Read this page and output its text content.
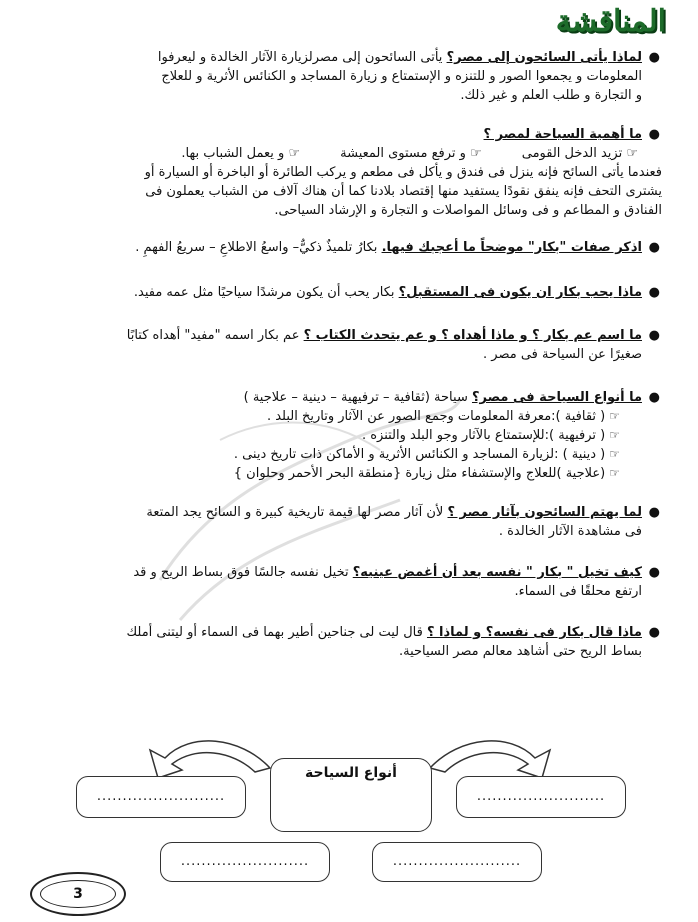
المناقشة
●
لماذا يأتى السائحون إلى مصر؟ يأتى السائحون إلى مصرلزيارة الآثار الخالدة و ليعرفوا
المعلومات و يجمعوا الصور و للتنزه و الإستمتاع و زيارة المساجد و الكنائس الأثرية و للعلاج
و التجارة و طلب العلم و غير ذلك.
●
ما أهمية السياحة لمصر ؟
☞ تزيد الدخل القومى
☞ و ترفع مستوى المعيشة
☞ و يعمل الشباب بها.
فعندما يأتى السائح فإنه ينزل فى فندق و يأكل فى مطعم و يركب الطائرة أو الباخرة أو السيارة أو
يشترى التحف فإنه ينفق نقودًا يستفيد منها إقتصاد بلادنا كما أن هناك آلاف من الشباب يعملون فى
الفنادق و المطاعم و فى وسائل المواصلات و التجارة و الإرشاد السياحى.
●
اذكر صفات "بكار" موضحاً ما أعجبك فيها. بكارُ تلميذٌ ذكيٌّ– واسعُ الاطلاعِ – سريعُ الفهمِ .
●
ماذا يحب بكار ان يكون فى المستقبل؟ بكار يحب أن يكون مرشدًا سياحيًا مثل عمه مفيد.
●
ما اسم عم بكار ؟ و ماذا أهداه ؟ و عم يتحدث الكتاب ؟ عم بكار اسمه "مفيد" أهداه كتابًا
صغيرًا عن السياحة فى مصر .
●
ما أنواع السياحة فى مصر؟ سياحة (ثقافية – ترفيهية – دينية – علاجية )
☞( ثقافية ):معرفة المعلومات وجمع الصور عن الآثار وتاريخ البلد .
☞( ترفيهية ):للإستمتاع بالآثار وجو البلد والتنزه .
☞( دينية ) :لزيارة المساجد و الكنائس الأثرية و الأماكن ذات تاريخ دينى .
☞(علاجية )للعلاج والإستشفاء مثل زيارة {منطقة البحر الأحمر وحلوان }
●
لما يهتم السائحون بآثار مصر ؟ لأن آثار مصر لها قيمة تاريخية كبيرة و السائح يجد المتعة
فى مشاهدة الآثار الخالدة .
●
كيف تخيل " بكار " نفسه بعد أن أغمض عينيه؟ تخيل نفسه جالسًا فوق بساط الريح و قد
ارتفع محلقًا فى السماء.
●
ماذا قال بكار فى نفسه؟ و لماذا ؟ قال ليت لى جناحين أطير بهما فى السماء أو ليتنى أملك
بساط الريح حتى أشاهد معالم مصر السياحية.
أنواع السياحة
.........................	.........................
.........................	.........................
3
